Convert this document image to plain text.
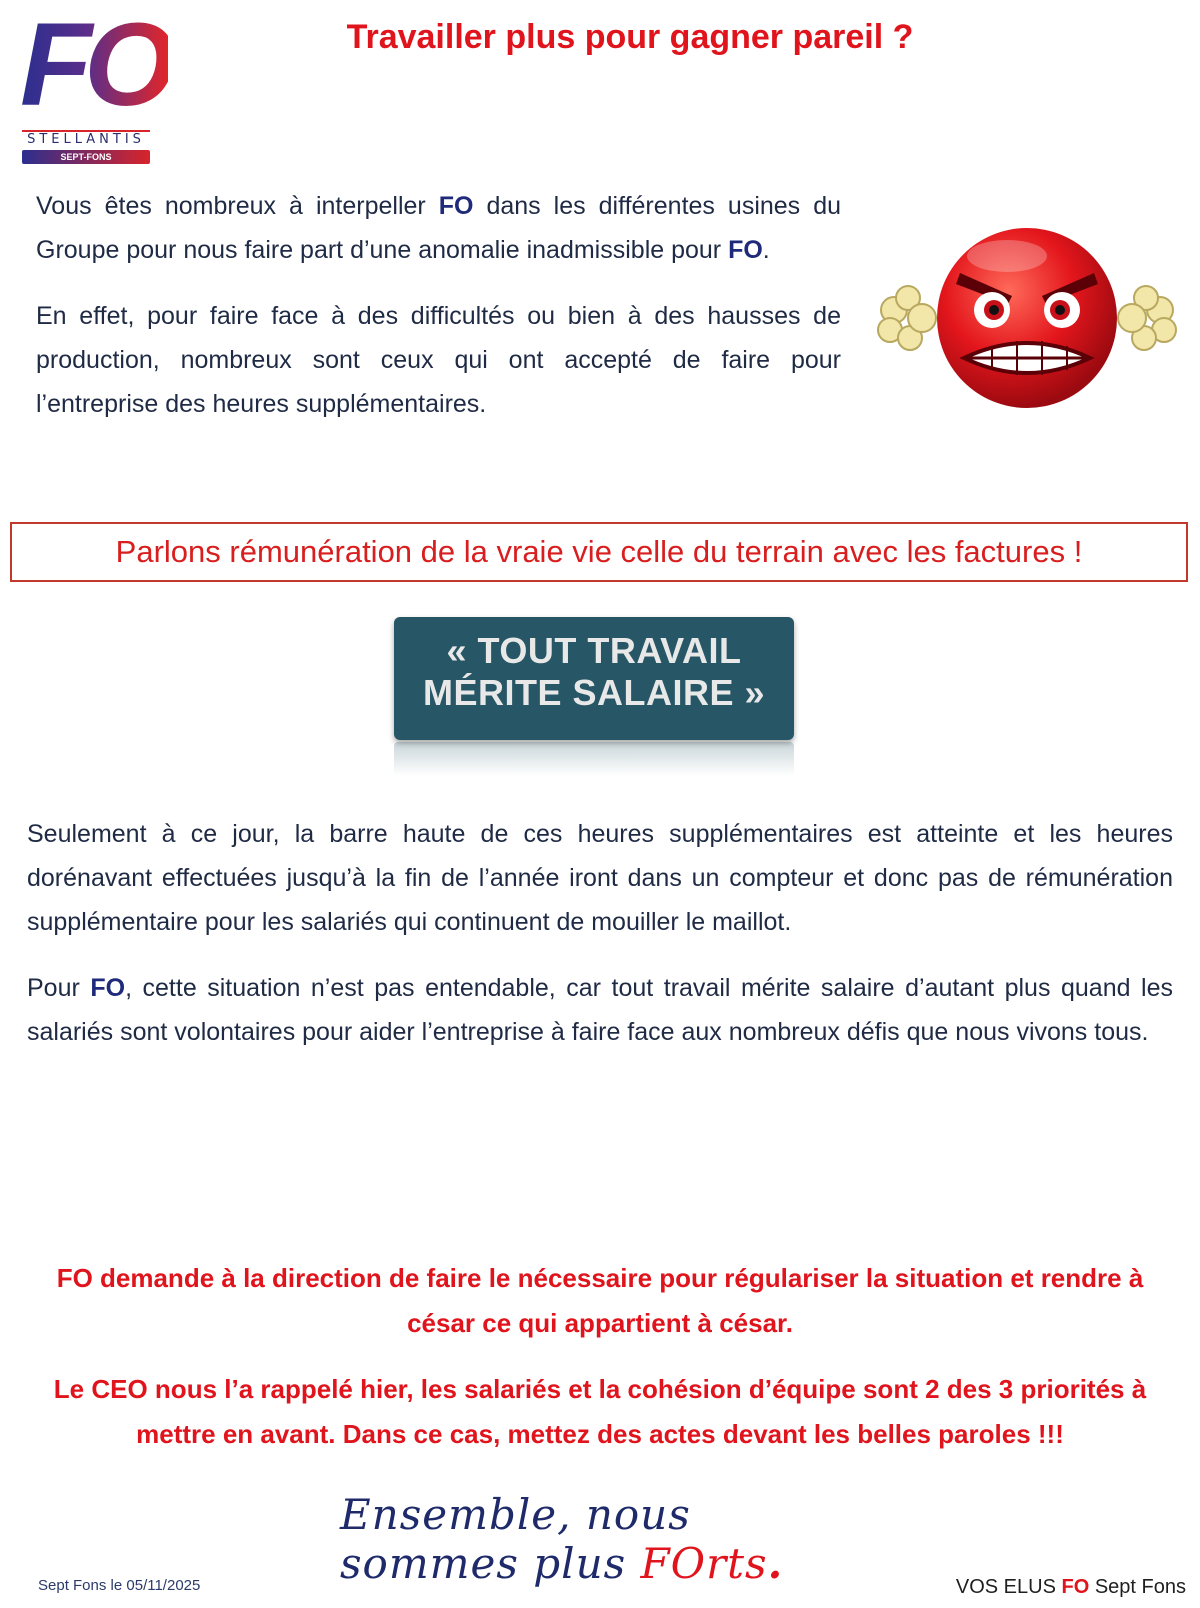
FO
STELLANTIS
SEPT-FONS
Travailler plus pour gagner pareil ?

Vous êtes nombreux à interpeller FO dans les différentes usines du Groupe pour nous faire part d’une anomalie inadmissible pour FO.

En effet, pour faire face à des difficultés ou bien à des hausses de production, nombreux sont ceux qui ont accepté de faire pour l’entreprise des heures supplémentaires.

Parlons rémunération de la vraie vie celle du terrain avec les factures !
« TOUT TRAVAIL
MÉRITE SALAIRE »

Seulement à ce jour, la barre haute de ces heures supplémentaires est atteinte et les heures dorénavant effectuées jusqu’à la fin de l’année iront dans un compteur et donc pas de rémunération supplémentaire pour les salariés qui continuent de mouiller le maillot.

Pour FO, cette situation n’est pas entendable, car tout travail mérite salaire d’autant plus quand les salariés sont volontaires pour aider l’entreprise à faire face aux nombreux défis que nous vivons tous.

FO demande à la direction de faire le nécessaire pour régulariser la situation et rendre à césar ce qui appartient à césar.
Le CEO nous l’a rappelé hier, les salariés et la cohésion d’équipe sont 2 des 3 priorités à mettre en avant. Dans ce cas, mettez des actes devant les belles paroles !!!
Ensemble, nous sommes plus FOrts.
Sept Fons le 05/11/2025	VOS ELUS FO Sept Fons
